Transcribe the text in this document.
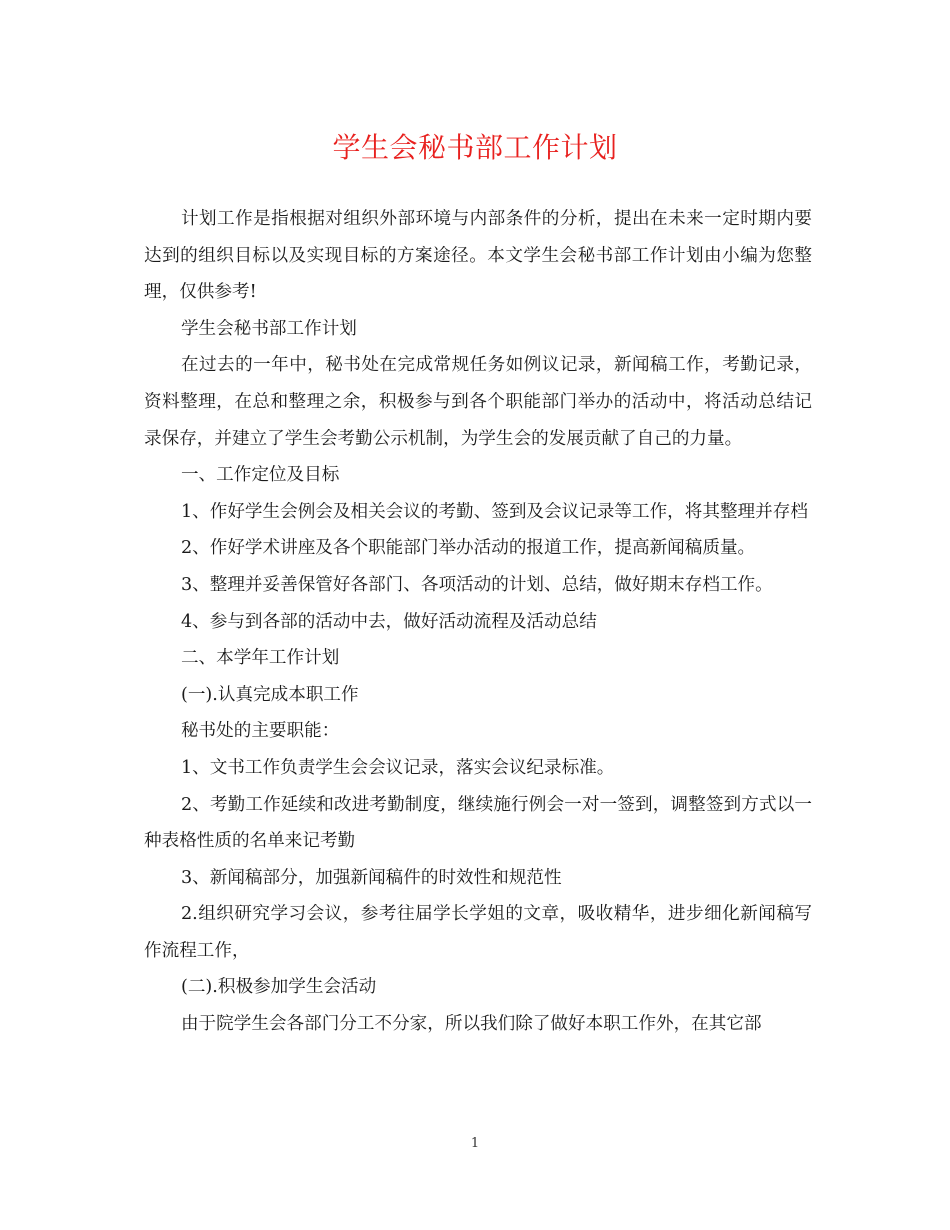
学生会秘书部工作计划

计划工作是指根据对组织外部环境与内部条件的分析，提出在未来一定时期内要达到的组织目标以及实现目标的方案途径。本文学生会秘书部工作计划由小编为您整理，仅供参考!

学生会秘书部工作计划

在过去的一年中，秘书处在完成常规任务如例议记录，新闻稿工作，考勤记录，资料整理，在总和整理之余，积极参与到各个职能部门举办的活动中，将活动总结记录保存，并建立了学生会考勤公示机制，为学生会的发展贡献了自己的力量。

一、工作定位及目标

1、作好学生会例会及相关会议的考勤、签到及会议记录等工作，将其整理并存档

2、作好学术讲座及各个职能部门举办活动的报道工作，提高新闻稿质量。

3、整理并妥善保管好各部门、各项活动的计划、总结，做好期末存档工作。

4、参与到各部的活动中去，做好活动流程及活动总结

二、本学年工作计划

(一).认真完成本职工作

秘书处的主要职能：

1、文书工作负责学生会会议记录，落实会议纪录标准。

2、考勤工作延续和改进考勤制度，继续施行例会一对一签到，调整签到方式以一种表格性质的名单来记考勤

3、新闻稿部分，加强新闻稿件的时效性和规范性

2.组织研究学习会议，参考往届学长学姐的文章，吸收精华，进步细化新闻稿写作流程工作，

(二).积极参加学生会活动

由于院学生会各部门分工不分家，所以我们除了做好本职工作外，在其它部

1
